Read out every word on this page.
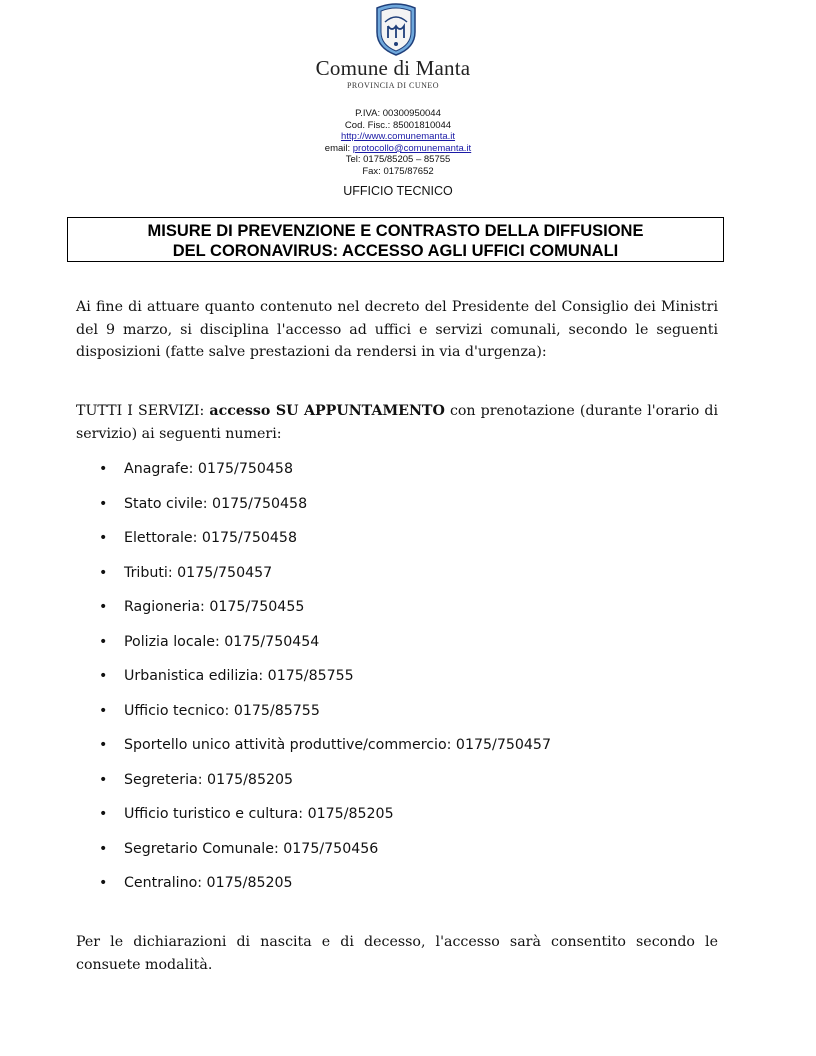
Comune di Manta
PROVINCIA DI CUNEO
P.IVA: 00300950044
Cod. Fisc.: 85001810044
http://www.comunemanta.it
email: protocollo@comunemanta.it
Tel: 0175/85205 – 85755
Fax: 0175/87652
UFFICIO TECNICO
MISURE DI PREVENZIONE E CONTRASTO DELLA DIFFUSIONE
DEL CORONAVIRUS: ACCESSO AGLI UFFICI COMUNALI

Ai fine di attuare quanto contenuto nel decreto del Presidente del Consiglio dei Ministri del 9 marzo, si disciplina l'accesso ad uffici e servizi comunali, secondo le seguenti disposizioni (fatte salve prestazioni da rendersi in via d'urgenza):

TUTTI I SERVIZI: accesso SU APPUNTAMENTO con prenotazione (durante l'orario di servizio) ai seguenti numeri:

• Anagrafe: 0175/750458
• Stato civile: 0175/750458
• Elettorale: 0175/750458
• Tributi: 0175/750457
• Ragioneria: 0175/750455
• Polizia locale: 0175/750454
• Urbanistica edilizia: 0175/85755
• Ufficio tecnico: 0175/85755
• Sportello unico attività produttive/commercio: 0175/750457
• Segreteria: 0175/85205
• Ufficio turistico e cultura: 0175/85205
• Segretario Comunale: 0175/750456
• Centralino: 0175/85205

Per le dichiarazioni di nascita e di decesso, l'accesso sarà consentito secondo le consuete modalità.
